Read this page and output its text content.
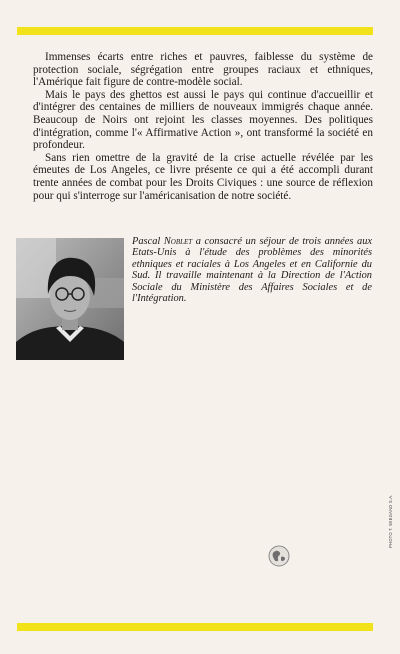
Immenses écarts entre riches et pauvres, faiblesse du système de protection sociale, ségrégation entre groupes raciaux et ethniques, l'Amérique fait figure de contre-modèle social.

Mais le pays des ghettos est aussi le pays qui continue d'accueillir et d'intégrer des centaines de milliers de nouveaux immigrés chaque année. Beaucoup de Noirs ont rejoint les classes moyennes. Des politiques d'intégration, comme l'« Affirmative Action », ont transformé la société en profondeur.

Sans rien omettre de la gravité de la crise actuelle révélée par les émeutes de Los Angeles, ce livre présente ce qui a été accompli durant trente années de combat pour les Droits Civiques : une source de réflexion pour qui s'interroge sur l'américanisation de notre société.

Pascal Noblet a consacré un séjour de trois années aux Etats-Unis à l'étude des problèmes des minorités ethniques et raciales à Los Angeles et en Californie du Sud. Il travaille maintenant à la Direction de l'Action Sociale du Ministère des Affaires Sociales et de l'Intégration.
PHOTO T. WIEGAND S.A.
